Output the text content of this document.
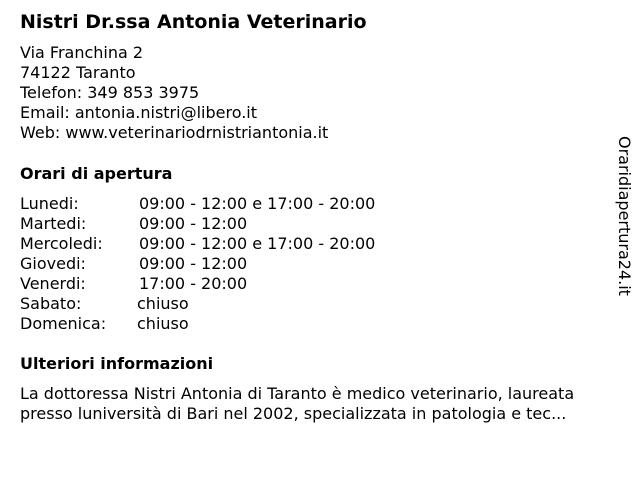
Nistri Dr.ssa Antonia Veterinario
Via Franchina 2
74122 Taranto
Telefon: 349 853 3975
Email: antonia.nistri@libero.it
Web: www.veterinariodrnistriantonia.it
Orari di apertura
Lunedi:	09:00 - 12:00 e 17:00 - 20:00
Martedi:	09:00 - 12:00
Mercoledi: 09:00 - 12:00 e 17:00 - 20:00
Giovedi:	09:00 - 12:00
Venerdi:	17:00 - 20:00
Sabato:	chiuso
Domenica: chiuso
Ulteriori informazioni
La dottoressa Nistri Antonia di Taranto è medico veterinario, laureata
presso luniversità di Bari nel 2002, specializzata in patologia e tec...
Oraridiapertura24.it
